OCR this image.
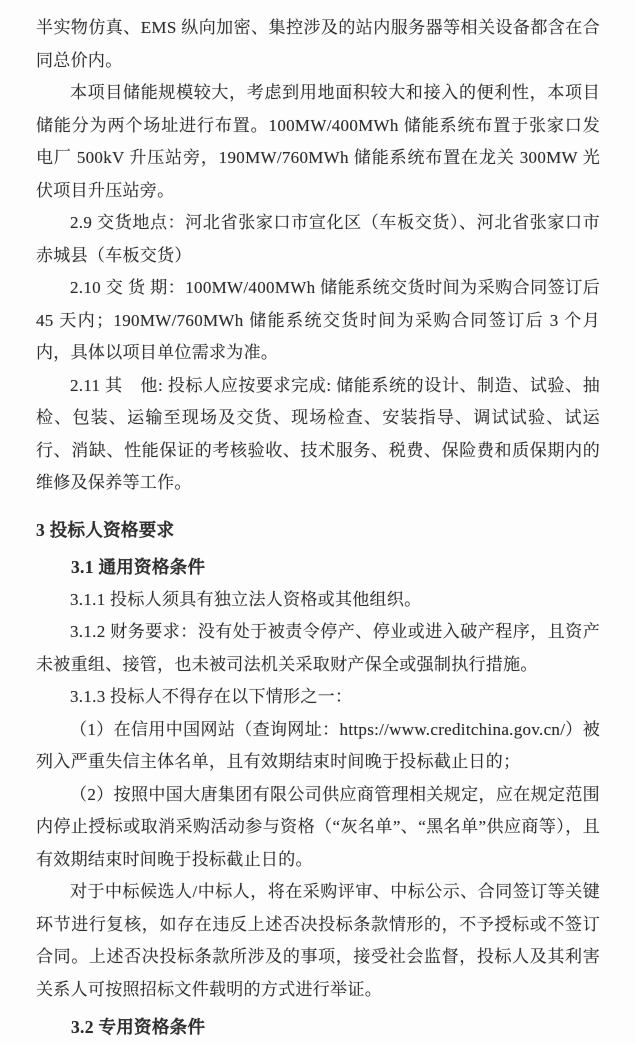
半实物仿真、EMS 纵向加密、集控涉及的站内服务器等相关设备都含在合同总价内。

本项目储能规模较大，考虑到用地面积较大和接入的便利性，本项目储能分为两个场址进行布置。100MW/400MWh 储能系统布置于张家口发电厂 500kV 升压站旁，190MW/760MWh 储能系统布置在龙关 300MW 光伏项目升压站旁。

2.9 交货地点：河北省张家口市宣化区（车板交货）、河北省张家口市赤城县（车板交货）

2.10 交 货 期：100MW/400MWh 储能系统交货时间为采购合同签订后 45 天内；190MW/760MWh 储能系统交货时间为采购合同签订后 3 个月内，具体以项目单位需求为准。

2.11 其　他: 投标人应按要求完成: 储能系统的设计、制造、试验、抽检、包装、运输至现场及交货、现场检查、安装指导、调试试验、试运行、消缺、性能保证的考核验收、技术服务、税费、保险费和质保期内的维修及保养等工作。

3 投标人资格要求
3.1 通用资格条件

3.1.1 投标人须具有独立法人资格或其他组织。

3.1.2 财务要求：没有处于被责令停产、停业或进入破产程序，且资产未被重组、接管，也未被司法机关采取财产保全或强制执行措施。

3.1.3 投标人不得存在以下情形之一：

（1）在信用中国网站（查询网址：https://www.creditchina.gov.cn/）被列入严重失信主体名单，且有效期结束时间晚于投标截止日的；

（2）按照中国大唐集团有限公司供应商管理相关规定，应在规定范围内停止授标或取消采购活动参与资格（“灰名单”、“黑名单”供应商等），且有效期结束时间晚于投标截止日的。

对于中标候选人/中标人，将在采购评审、中标公示、合同签订等关键环节进行复核，如存在违反上述否决投标条款情形的，不予授标或不签订合同。上述否决投标条款所涉及的事项，接受社会监督，投标人及其利害关系人可按照招标文件载明的方式进行举证。

3.2 专用资格条件
